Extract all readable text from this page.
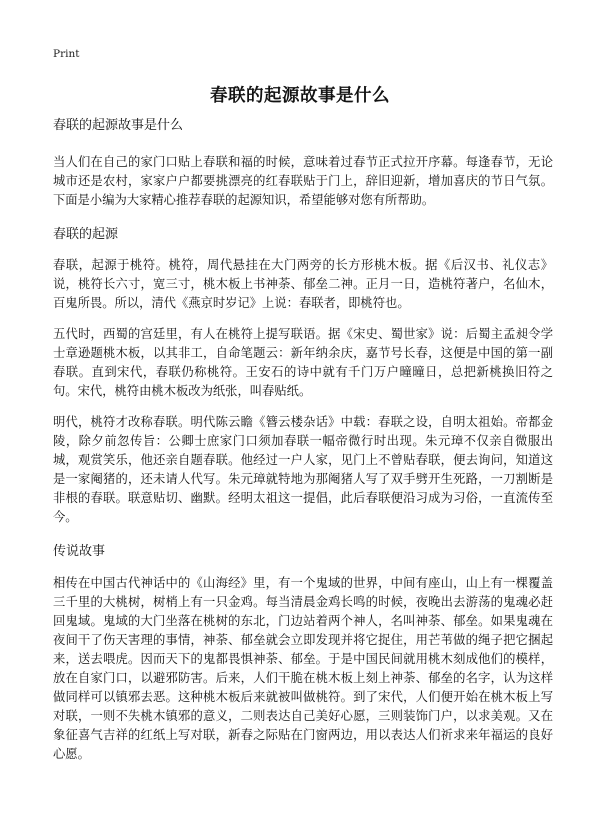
Print
春联的起源故事是什么

春联的起源故事是什么

当人们在自己的家门口贴上春联和福的时候，意味着过春节正式拉开序幕。每逢春节，无论城市还是农村，家家户户都要挑漂亮的红春联贴于门上，辞旧迎新，增加喜庆的节日气氛。下面是小编为大家精心推荐春联的起源知识，希望能够对您有所帮助。

春联的起源

春联，起源于桃符。桃符，周代悬挂在大门两旁的长方形桃木板。据《后汉书、礼仪志》说，桃符长六寸，宽三寸，桃木板上书神荼、郁垒二神。正月一日，造桃符著户，名仙木，百鬼所畏。所以，清代《燕京时岁记》上说：春联者，即桃符也。

五代时，西蜀的宫廷里，有人在桃符上提写联语。据《宋史、蜀世家》说：后蜀主孟昶令学士章逊题桃木板，以其非工，自命笔题云：新年纳余庆，嘉节号长春，这便是中国的第一副春联。直到宋代，春联仍称桃符。王安石的诗中就有千门万户曈曈日，总把新桃换旧符之句。宋代，桃符由桃木板改为纸张，叫春贴纸。

明代，桃符才改称春联。明代陈云瞻《簪云楼杂话》中载：春联之设，自明太祖始。帝都金陵，除夕前忽传旨：公卿士庶家门口须加春联一幅帝微行时出现。朱元璋不仅亲自微服出城，观赏笑乐，他还亲自题春联。他经过一户人家，见门上不曾贴春联，便去询问，知道这是一家阉猪的，还未请人代写。朱元璋就特地为那阉猪人写了双手劈开生死路，一刀割断是非根的春联。联意贴切、幽默。经明太祖这一提倡，此后春联便沿习成为习俗，一直流传至今。

传说故事

相传在中国古代神话中的《山海经》里，有一个鬼域的世界，中间有座山，山上有一棵覆盖三千里的大桃树，树梢上有一只金鸡。每当清晨金鸡长鸣的时候，夜晚出去游荡的鬼魂必赶回鬼域。鬼域的大门坐落在桃树的东北，门边站着两个神人，名叫神荼、郁垒。如果鬼魂在夜间干了伤天害理的事情，神荼、郁垒就会立即发现并将它捉住，用芒苇做的绳子把它捆起来，送去喂虎。因而天下的鬼都畏惧神荼、郁垒。于是中国民间就用桃木刻成他们的模样，放在自家门口，以避邪防害。后来，人们干脆在桃木板上刻上神荼、郁垒的名字，认为这样做同样可以镇邪去恶。这种桃木板后来就被叫做桃符。到了宋代，人们便开始在桃木板上写对联，一则不失桃木镇邪的意义，二则表达自己美好心愿，三则装饰门户，以求美观。又在象征喜气吉祥的红纸上写对联，新春之际贴在门窗两边，用以表达人们祈求来年福运的良好心愿。
